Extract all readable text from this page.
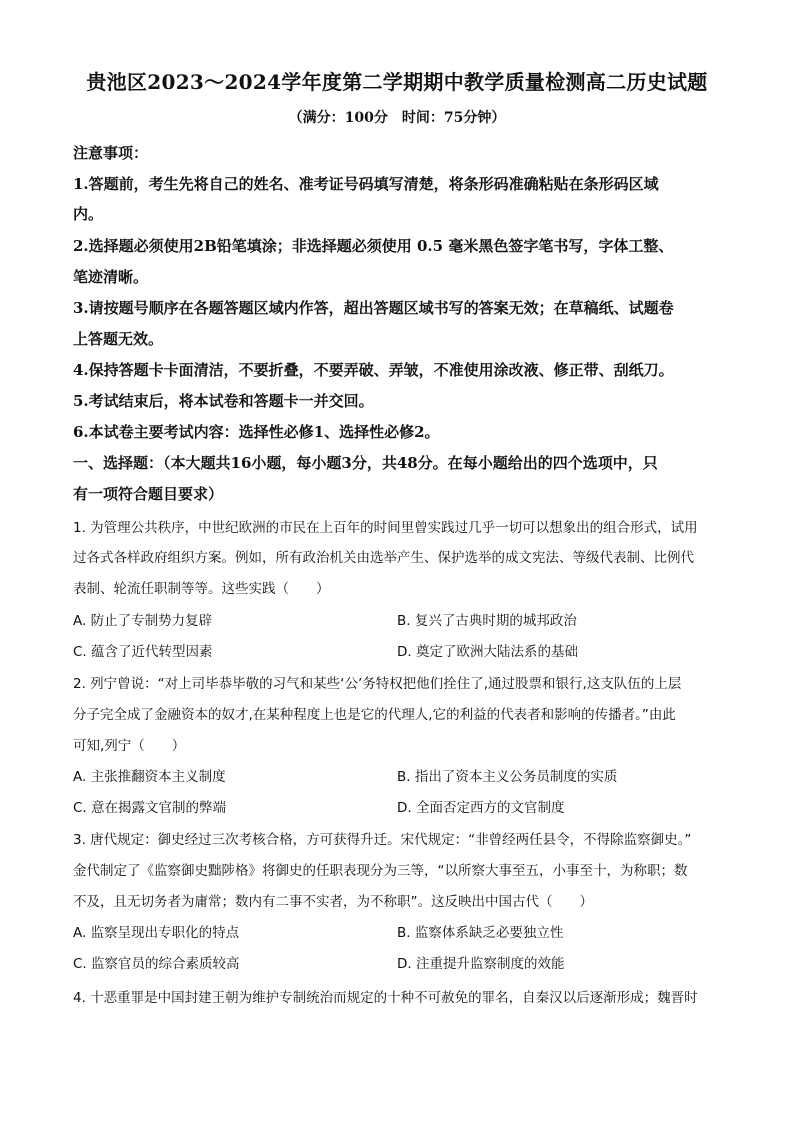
贵池区2023～2024学年度第二学期期中教学质量检测高二历史试题
（满分：100分　时间：75分钟）
注意事项：
1.答题前，考生先将自己的姓名、准考证号码填写清楚，将条形码准确粘贴在条形码区域
内。
2.选择题必须使用2B铅笔填涂；非选择题必须使用 0.5 毫米黑色签字笔书写，字体工整、
笔迹清晰。
3.请按题号顺序在各题答题区域内作答，超出答题区域书写的答案无效；在草稿纸、试题卷
上答题无效。
4.保持答题卡卡面清洁，不要折叠，不要弄破、弄皱，不准使用涂改液、修正带、刮纸刀。
5.考试结束后，将本试卷和答题卡一并交回。
6.本试卷主要考试内容：选择性必修1、选择性必修2。
一、选择题：（本大题共16小题，每小题3分，共48分。在每小题给出的四个选项中，只
有一项符合题目要求）
1. 为管理公共秩序，中世纪欧洲的市民在上百年的时间里曾实践过几乎一切可以想象出的组合形式，试用
过各式各样政府组织方案。例如，所有政治机关由选举产生、保护选举的成文宪法、等级代表制、比例代
表制、轮流任职制等等。这些实践（　　）
A. 防止了专制势力复辟	B. 复兴了古典时期的城邦政治
C. 蕴含了近代转型因素	D. 奠定了欧洲大陆法系的基础
2. 列宁曾说：“对上司毕恭毕敬的习气和某些‘公’务特权把他们拴住了,通过股票和银行,这支队伍的上层
分子完全成了金融资本的奴才,在某种程度上也是它的代理人,它的利益的代表者和影响的传播者。”由此
可知,列宁（　　）
A. 主张推翻资本主义制度	B. 指出了资本主义公务员制度的实质
C. 意在揭露文官制的弊端	D. 全面否定西方的文官制度
3. 唐代规定：御史经过三次考核合格，方可获得升迁。宋代规定：“非曾经两任县令，不得除监察御史。”
金代制定了《监察御史黜陟格》将御史的任职表现分为三等，“以所察大事至五，小事至十，为称职；数
不及，且无切务者为庸常；数内有二事不实者，为不称职”。这反映出中国古代（　　）
A. 监察呈现出专职化的特点	B. 监察体系缺乏必要独立性
C. 监察官员的综合素质较高	D. 注重提升监察制度的效能
4. 十恶重罪是中国封建王朝为维护专制统治而规定的十种不可赦免的罪名，自秦汉以后逐渐形成；魏晋时
